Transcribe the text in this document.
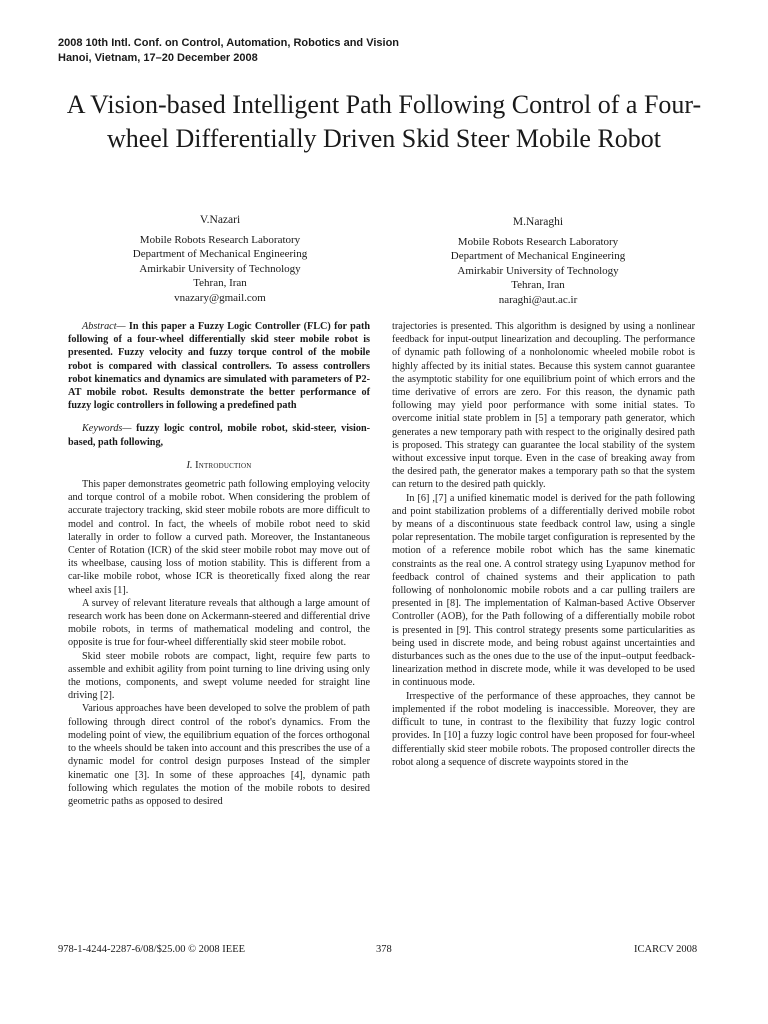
2008 10th Intl. Conf. on Control, Automation, Robotics and Vision
Hanoi, Vietnam, 17–20 December 2008
A Vision-based Intelligent Path Following Control of a Four-wheel Differentially Driven Skid Steer Mobile Robot
V.Nazari
Mobile Robots Research Laboratory
Department of Mechanical Engineering
Amirkabir University of Technology
Tehran, Iran
vnazary@gmail.com
M.Naraghi
Mobile Robots Research Laboratory
Department of Mechanical Engineering
Amirkabir University of Technology
Tehran, Iran
naraghi@aut.ac.ir

Abstract— In this paper a Fuzzy Logic Controller (FLC) for path following of a four-wheel differentially skid steer mobile robot is presented. Fuzzy velocity and fuzzy torque control of the mobile robot is compared with classical controllers. To assess controllers robot kinematics and dynamics are simulated with parameters of P2-AT mobile robot. Results demonstrate the better performance of fuzzy logic controllers in following a predefined path

Keywords— fuzzy logic control, mobile robot, skid-steer, vision-based, path following,

I. Introduction

This paper demonstrates geometric path following employing velocity and torque control of a mobile robot. When considering the problem of accurate trajectory tracking, skid steer mobile robots are more difficult to model and control. In fact, the wheels of mobile robot need to skid laterally in order to follow a curved path. Moreover, the Instantaneous Center of Rotation (ICR) of the skid steer mobile robot may move out of its wheelbase, causing loss of motion stability. This is different from a car-like mobile robot, whose ICR is theoretically fixed along the rear wheel axis [1].

A survey of relevant literature reveals that although a large amount of research work has been done on Ackermann-steered and differential drive mobile robots, in terms of mathematical modeling and control, the opposite is true for four-wheel differentially skid steer mobile robot.

Skid steer mobile robots are compact, light, require few parts to assemble and exhibit agility from point turning to line driving using only the motions, components, and swept volume needed for straight line driving [2].

Various approaches have been developed to solve the problem of path following through direct control of the robot's dynamics. From the modeling point of view, the equilibrium equation of the forces orthogonal to the wheels should be taken into account and this prescribes the use of a dynamic model for control design purposes Instead of the simpler kinematic one [3]. In some of these approaches [4], dynamic path following which regulates the motion of the mobile robots to desired geometric paths as opposed to desired

trajectories is presented. This algorithm is designed by using a nonlinear feedback for input-output linearization and decoupling. The performance of dynamic path following of a nonholonomic wheeled mobile robot is highly affected by its initial states. Because this system cannot guarantee the asymptotic stability for one equilibrium point of which errors and the time derivative of errors are zero. For this reason, the dynamic path following may yield poor performance with some initial states. To overcome initial state problem in [5] a temporary path generator, which generates a new temporary path with respect to the originally desired path is proposed. This strategy can guarantee the local stability of the system without excessive input torque. Even in the case of breaking away from the desired path, the generator makes a temporary path so that the system can return to the desired path quickly.

In [6] ,[7] a unified kinematic model is derived for the path following and point stabilization problems of a differentially derived mobile robot by means of a discontinuous state feedback control law, using a single polar representation. The mobile target configuration is represented by the motion of a reference mobile robot which has the same kinematic constraints as the real one. A control strategy using Lyapunov method for feedback control of chained systems and their application to path following of nonholonomic mobile robots and a car pulling trailers are presented in [8]. The implementation of Kalman-based Active Observer Controller (AOB), for the Path following of a differentially mobile robot is presented in [9]. This control strategy presents some particularities as being used in discrete mode, and being robust against uncertainties and disturbances such as the ones due to the use of the input–output feedback-linearization method in discrete mode, while it was developed to be used in continuous mode.

Irrespective of the performance of these approaches, they cannot be implemented if the robot modeling is inaccessible. Moreover, they are difficult to tune, in contrast to the flexibility that fuzzy logic control provides. In [10] a fuzzy logic control have been proposed for four-wheel differentially skid steer mobile robots. The proposed controller directs the robot along a sequence of discrete waypoints stored in the

978-1-4244-2287-6/08/$25.00 © 2008 IEEE	378	ICARCV 2008
